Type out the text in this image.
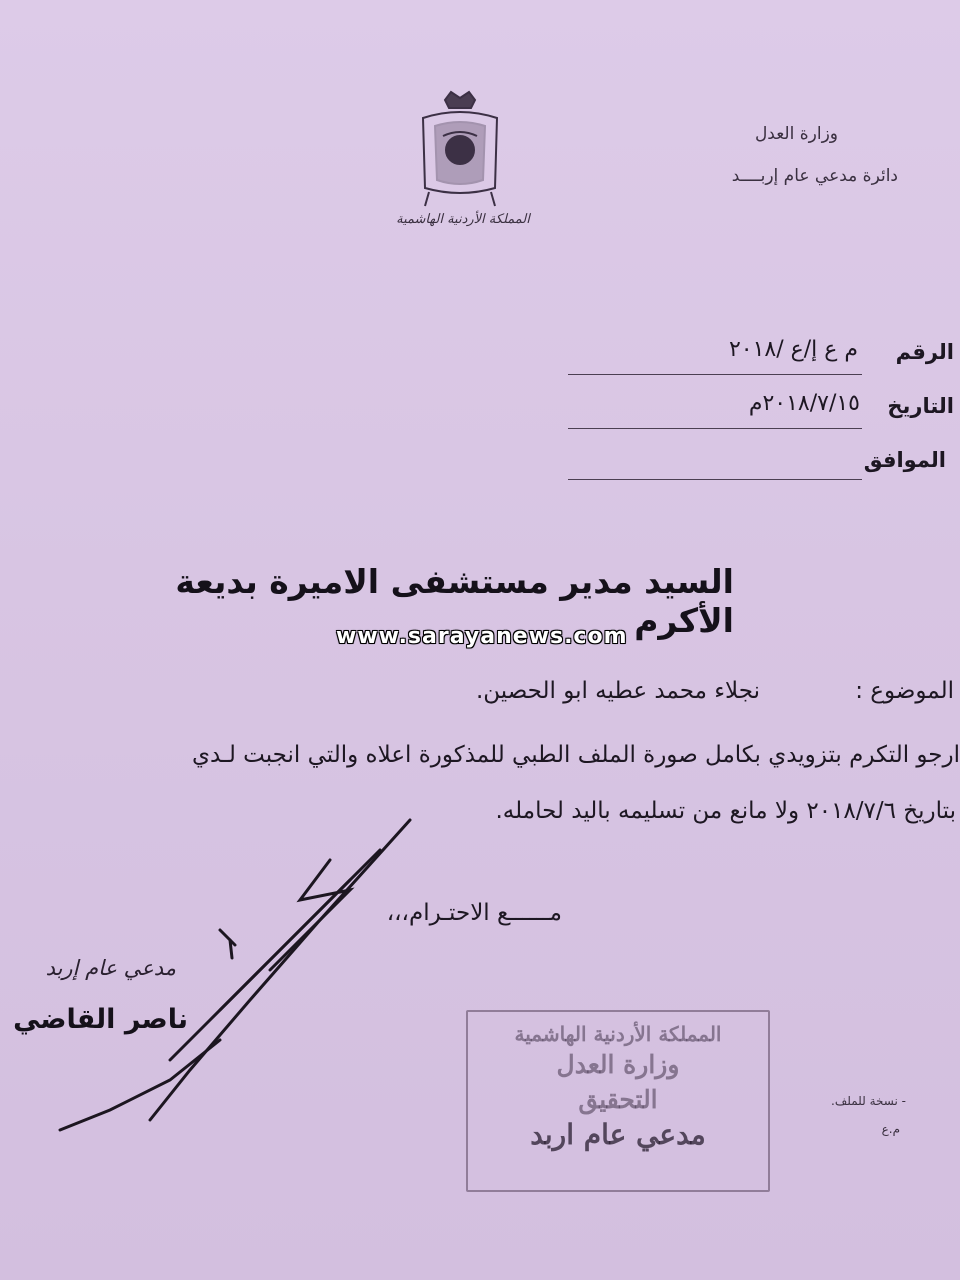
المملكة الأردنية الهاشمية
وزارة العدل
دائرة مدعي عام إربــــد
الرقم
م ع إ/ع /٢٠١٨
التاريخ
٢٠١٨/٧/١٥م
الموافق
السيد مدير مستشفى الاميرة بديعة الأكرم
www.sarayanews.com
الموضوع :
نجلاء محمد عطيه ابو الحصين.
ارجو التكرم بتزويدي بكامل صورة الملف الطبي للمذكورة اعلاه والتي انجبت لـدي
بتاريخ ٢٠١٨/٧/٦ ولا مانع من تسليمه باليد لحامله.
مــــــع الاحتـرام،،،
مدعي عام إربد
ناصر القاضي	المملكة الأردنية الهاشمية
وزارة العدل
التحقيق
مدعي عام اربد
- نسخة للملف.
م.ع
